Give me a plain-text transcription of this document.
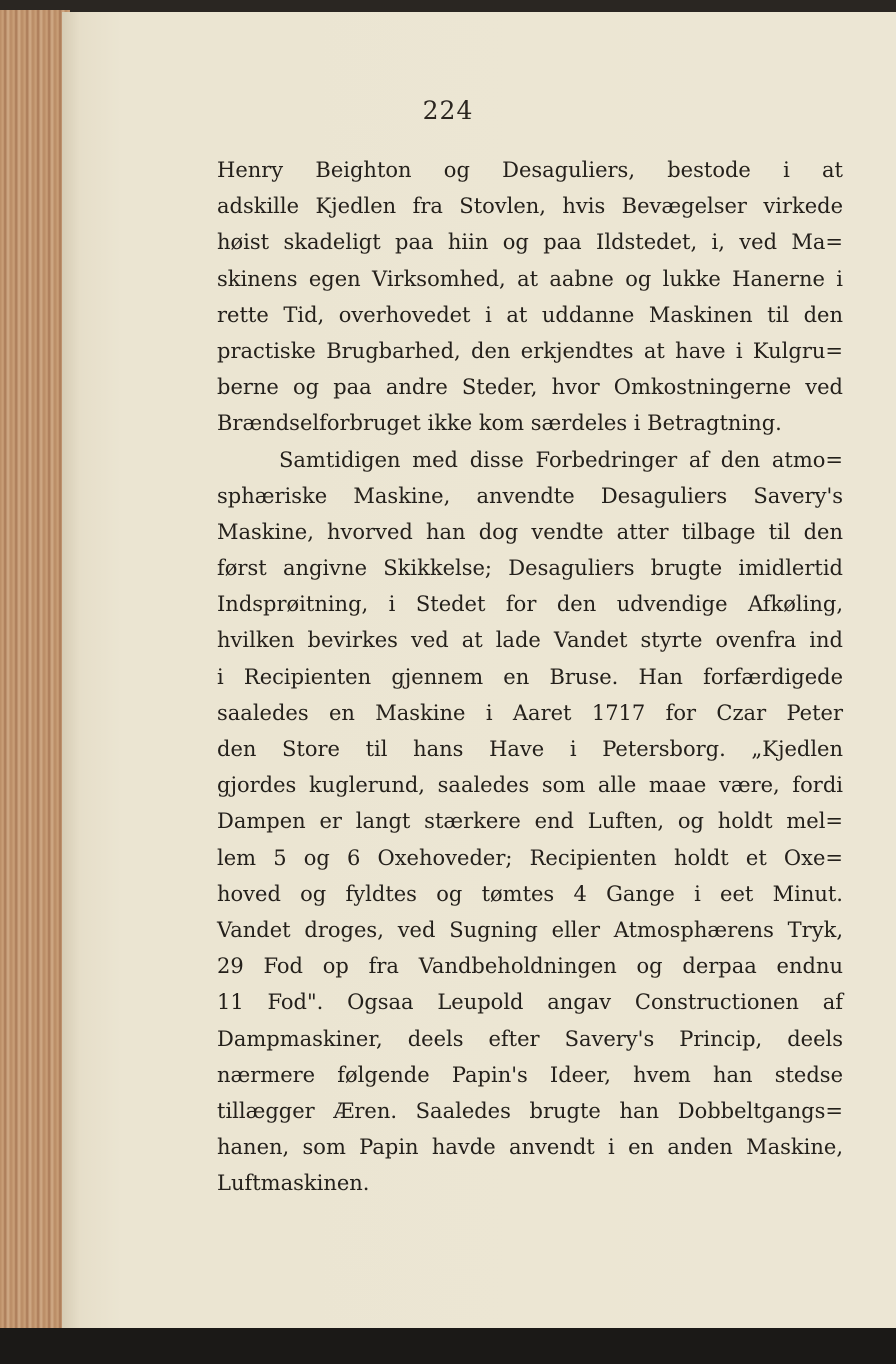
224
Henry Beighton og Desaguliers, bestode i at
adskille Kjedlen fra Stovlen, hvis Bevægelser virkede
høist skadeligt paa hiin og paa Ildstedet, i, ved Ma=
skinens egen Virksomhed, at aabne og lukke Hanerne i
rette Tid, overhovedet i at uddanne Maskinen til den
practiske Brugbarhed, den erkjendtes at have i Kulgru=
berne og paa andre Steder, hvor Omkostningerne ved
Brændselforbruget ikke kom særdeles i Betragtning.
Samtidigen med disse Forbedringer af den atmo=
sphæriske Maskine, anvendte Desaguliers Savery's
Maskine, hvorved han dog vendte atter tilbage til den
først angivne Skikkelse; Desaguliers brugte imidlertid
Indsprøitning, i Stedet for den udvendige Afkøling,
hvilken bevirkes ved at lade Vandet styrte ovenfra ind
i Recipienten gjennem en Bruse. Han forfærdigede
saaledes en Maskine i Aaret 1717 for Czar Peter
den Store til hans Have i Petersborg. „Kjedlen
gjordes kuglerund, saaledes som alle maae være, fordi
Dampen er langt stærkere end Luften, og holdt mel=
lem 5 og 6 Oxehoveder; Recipienten holdt et Oxe=
hoved og fyldtes og tømtes 4 Gange i eet Minut.
Vandet droges, ved Sugning eller Atmosphærens Tryk,
29 Fod op fra Vandbeholdningen og derpaa endnu
11 Fod". Ogsaa Leupold angav Constructionen af
Dampmaskiner, deels efter Savery's Princip, deels
nærmere følgende Papin's Ideer, hvem han stedse
tillægger Æren. Saaledes brugte han Dobbeltgangs=
hanen, som Papin havde anvendt i en anden Maskine,
Luftmaskinen.
